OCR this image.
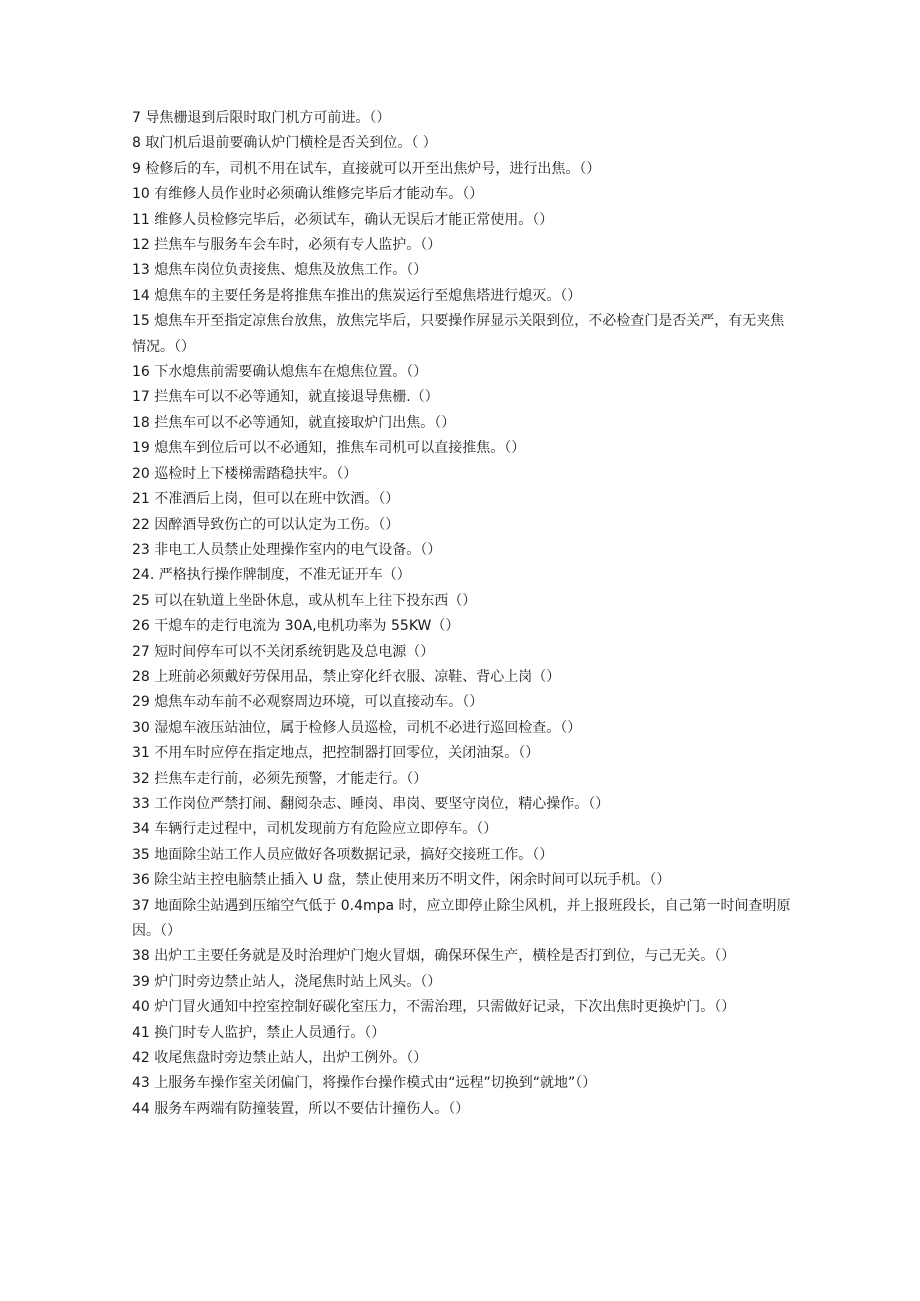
7 导焦栅退到后限时取门机方可前进。（）
8 取门机后退前要确认炉门横栓是否关到位。（ ）
9 检修后的车，司机不用在试车，直接就可以开至出焦炉号，进行出焦。（）
10 有维修人员作业时必须确认维修完毕后才能动车。（）
11 维修人员检修完毕后，必须试车，确认无误后才能正常使用。（）
12 拦焦车与服务车会车时，必须有专人监护。（）
13 熄焦车岗位负责接焦、熄焦及放焦工作。（）
14 熄焦车的主要任务是将推焦车推出的焦炭运行至熄焦塔进行熄灭。（）
15 熄焦车开至指定凉焦台放焦，放焦完毕后，只要操作屏显示关限到位，不必检查门是否关严，有无夹焦情况。（）
16 下水熄焦前需要确认熄焦车在熄焦位置。（）
17 拦焦车可以不必等通知，就直接退导焦栅.（）
18 拦焦车可以不必等通知，就直接取炉门出焦。（）
19 熄焦车到位后可以不必通知，推焦车司机可以直接推焦。（）
20 巡检时上下楼梯需踏稳扶牢。（）
21 不准酒后上岗，但可以在班中饮酒。（）
22 因醉酒导致伤亡的可以认定为工伤。（）
23 非电工人员禁止处理操作室内的电气设备。（）
24. 严格执行操作牌制度，不准无证开车（）
25 可以在轨道上坐卧休息，或从机车上往下投东西（）
26 干熄车的走行电流为 30A,电机功率为 55KW（）
27 短时间停车可以不关闭系统钥匙及总电源（）
28 上班前必须戴好劳保用品，禁止穿化纤衣服、凉鞋、背心上岗（）
29 熄焦车动车前不必观察周边环境，可以直接动车。（）
30 湿熄车液压站油位，属于检修人员巡检，司机不必进行巡回检查。（）
31 不用车时应停在指定地点，把控制器打回零位，关闭油泵。（）
32 拦焦车走行前，必须先预警，才能走行。（）
33 工作岗位严禁打闹、翻阅杂志、睡岗、串岗、要坚守岗位，精心操作。（）
34 车辆行走过程中，司机发现前方有危险应立即停车。（）
35 地面除尘站工作人员应做好各项数据记录，搞好交接班工作。（）
36 除尘站主控电脑禁止插入 U 盘，禁止使用来历不明文件，闲余时间可以玩手机。（）
37 地面除尘站遇到压缩空气低于 0.4mpa 时，应立即停止除尘风机，并上报班段长，自己第一时间查明原因。（）
38 出炉工主要任务就是及时治理炉门炮火冒烟，确保环保生产，横栓是否打到位，与己无关。（）
39 炉门时旁边禁止站人，浇尾焦时站上风头。（）
40 炉门冒火通知中控室控制好碳化室压力，不需治理，只需做好记录，下次出焦时更换炉门。（）
41 换门时专人监护，禁止人员通行。（）
42 收尾焦盘时旁边禁止站人，出炉工例外。（）
43 上服务车操作室关闭偏门，将操作台操作模式由“远程”切换到“就地”（）
44 服务车两端有防撞装置，所以不要估计撞伤人。（）
